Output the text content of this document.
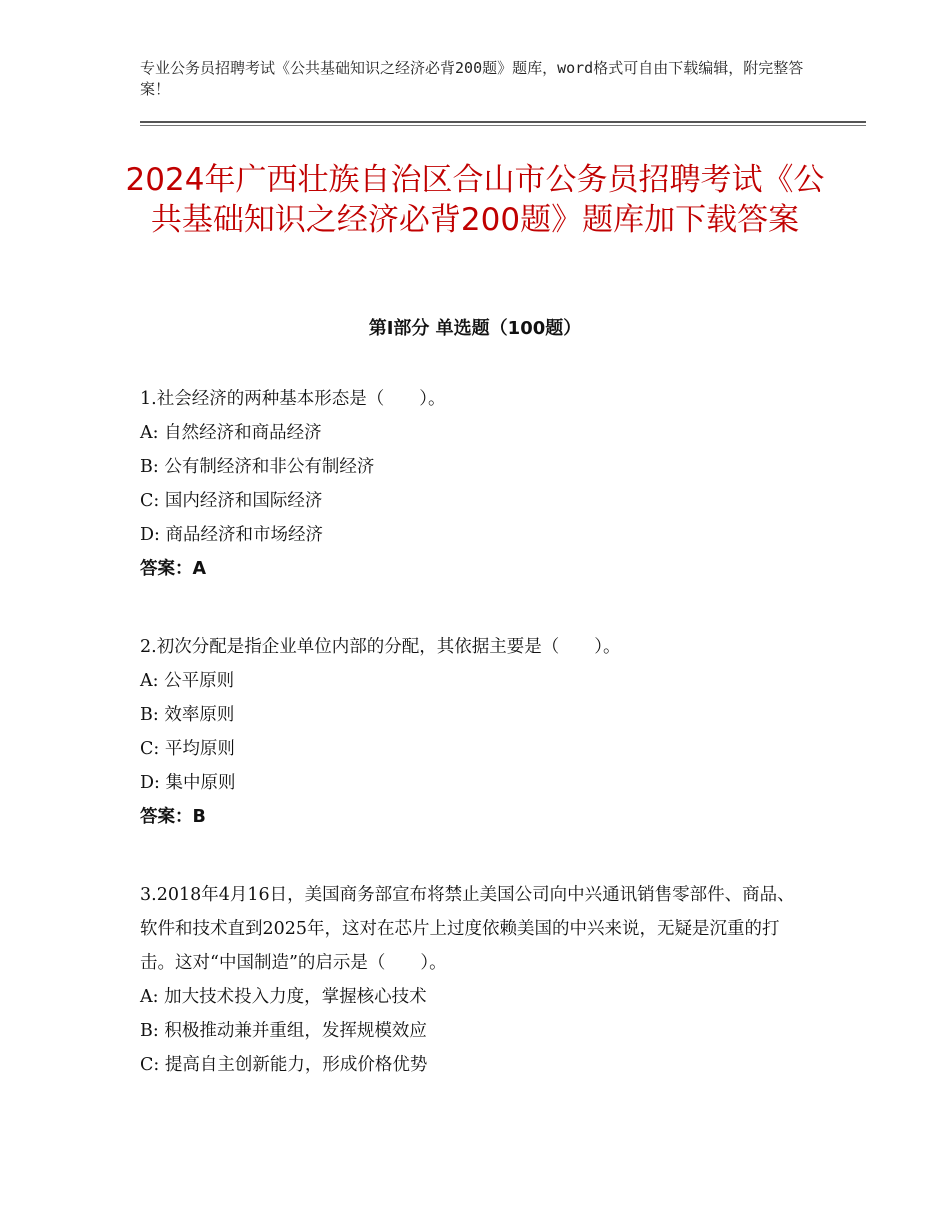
专业公务员招聘考试《公共基础知识之经济必背200题》题库，word格式可自由下载编辑，附完整答案！
2024年广西壮族自治区合山市公务员招聘考试《公共基础知识之经济必背200题》题库加下载答案
第Ⅰ部分 单选题（100题）

1.社会经济的两种基本形态是（　　）。

A: 自然经济和商品经济

B: 公有制经济和非公有制经济

C: 国内经济和国际经济

D: 商品经济和市场经济

答案：A

2.初次分配是指企业单位内部的分配，其依据主要是（　　）。

A: 公平原则

B: 效率原则

C: 平均原则

D: 集中原则

答案：B

3.2018年4月16日，美国商务部宣布将禁止美国公司向中兴通讯销售零部件、商品、软件和技术直到2025年，这对在芯片上过度依赖美国的中兴来说，无疑是沉重的打击。这对“中国制造”的启示是（　　）。

A: 加大技术投入力度，掌握核心技术

B: 积极推动兼并重组，发挥规模效应

C: 提高自主创新能力，形成价格优势
